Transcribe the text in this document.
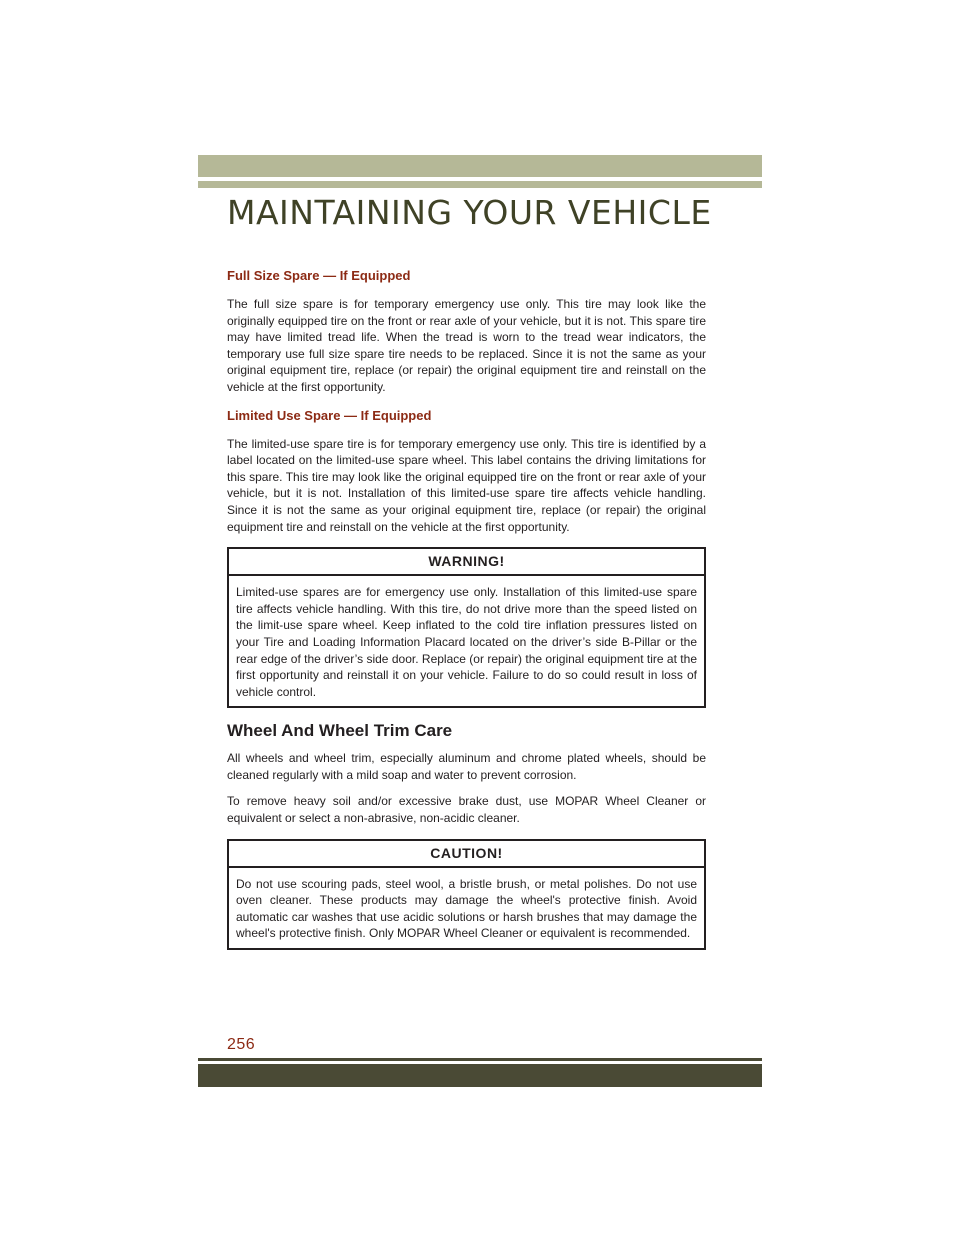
MAINTAINING YOUR VEHICLE
Full Size Spare — If Equipped

The full size spare is for temporary emergency use only. This tire may look like the originally equipped tire on the front or rear axle of your vehicle, but it is not. This spare tire may have limited tread life. When the tread is worn to the tread wear indicators, the temporary use full size spare tire needs to be replaced. Since it is not the same as your original equipment tire, replace (or repair) the original equipment tire and reinstall on the vehicle at the first opportunity.

Limited Use Spare — If Equipped

The limited-use spare tire is for temporary emergency use only. This tire is identified by a label located on the limited-use spare wheel. This label contains the driving limitations for this spare. This tire may look like the original equipped tire on the front or rear axle of your vehicle, but it is not. Installation of this limited-use spare tire affects vehicle handling. Since it is not the same as your original equipment tire, replace (or repair) the original equipment tire and reinstall on the vehicle at the first opportunity.

WARNING!
Limited-use spares are for emergency use only. Installation of this limited-use spare tire affects vehicle handling. With this tire, do not drive more than the speed listed on the limit-use spare wheel. Keep inflated to the cold tire inflation pressures listed on your Tire and Loading Information Placard located on the driver’s side B-Pillar or the rear edge of the driver’s side door. Replace (or repair) the original equipment tire at the first opportunity and reinstall it on your vehicle. Failure to do so could result in loss of vehicle control.
Wheel And Wheel Trim Care

All wheels and wheel trim, especially aluminum and chrome plated wheels, should be cleaned regularly with a mild soap and water to prevent corrosion.

To remove heavy soil and/or excessive brake dust, use MOPAR Wheel Cleaner or equivalent or select a non-abrasive, non-acidic cleaner.

CAUTION!
Do not use scouring pads, steel wool, a bristle brush, or metal polishes. Do not use oven cleaner. These products may damage the wheel's protective finish. Avoid automatic car washes that use acidic solutions or harsh brushes that may damage the wheel's protective finish. Only MOPAR Wheel Cleaner or equivalent is recommended.
256
